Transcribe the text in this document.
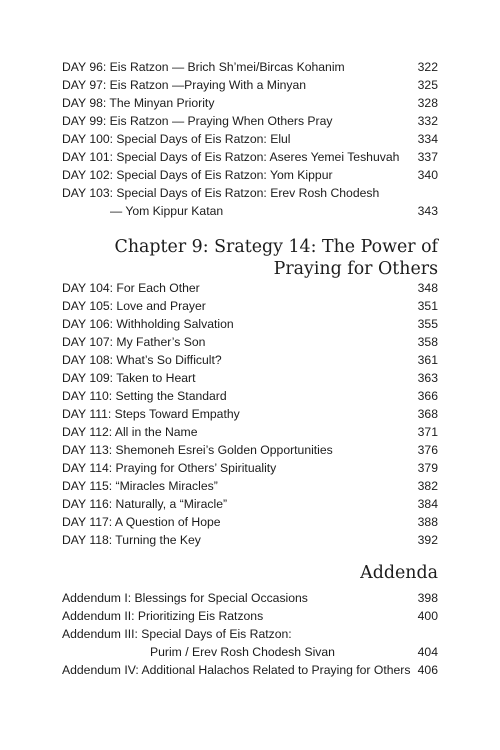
DAY 96: Eis Ratzon — Brich Sh’mei/Bircas Kohanim	322
DAY 97: Eis Ratzon —Praying With a Minyan	325
DAY 98: The Minyan Priority	328
DAY 99: Eis Ratzon — Praying When Others Pray	332
DAY 100: Special Days of Eis Ratzon: Elul	334
DAY 101: Special Days of Eis Ratzon: Aseres Yemei Teshuvah 337
DAY 102: Special Days of Eis Ratzon: Yom Kippur	340
DAY 103: Special Days of Eis Ratzon: Erev Rosh Chodesh
— Yom Kippur Katan	343
Chapter 9: Srategy 14: The Power of
Praying for Others
DAY 104: For Each Other	348
DAY 105: Love and Prayer	351
DAY 106: Withholding Salvation	355
DAY 107: My Father’s Son	358
DAY 108: What’s So Difficult?	361
DAY 109: Taken to Heart	363
DAY 110: Setting the Standard	366
DAY 111: Steps Toward Empathy	368
DAY 112: All in the Name	371
DAY 113: Shemoneh Esrei’s Golden Opportunities	376
DAY 114: Praying for Others’ Spirituality	379
DAY 115: “Miracles Miracles”	382
DAY 116: Naturally, a “Miracle”	384
DAY 117: A Question of Hope	388
DAY 118: Turning the Key	392
Addenda
Addendum I: Blessings for Special Occasions	398
Addendum II: Prioritizing Eis Ratzons	400
Addendum III: Special Days of Eis Ratzon:
Purim / Erev Rosh Chodesh Sivan	404
Addendum IV: Additional Halachos Related to Praying for Others 406
